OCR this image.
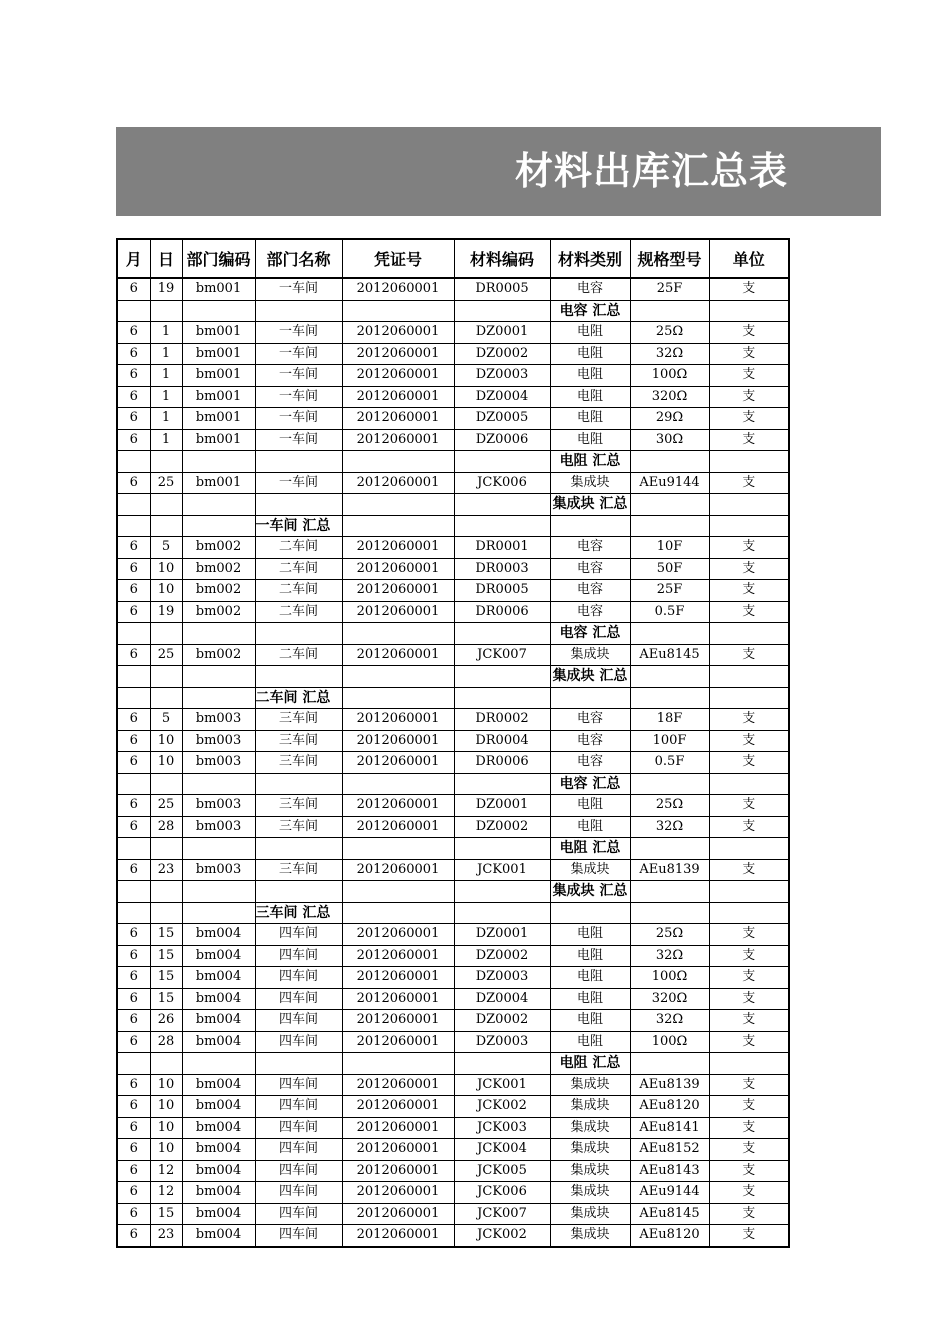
材料出库汇总表
月	日	部门编码	部门名称	凭证号	材料编码	材料类别	规格型号	单位
6	19	bm001	一车间	2012060001	DR0005	电容	25F	支
						电容 汇总		
6	1	bm001	一车间	2012060001	DZ0001	电阻	25Ω	支
6	1	bm001	一车间	2012060001	DZ0002	电阻	32Ω	支
6	1	bm001	一车间	2012060001	DZ0003	电阻	100Ω	支
6	1	bm001	一车间	2012060001	DZ0004	电阻	320Ω	支
6	1	bm001	一车间	2012060001	DZ0005	电阻	29Ω	支
6	1	bm001	一车间	2012060001	DZ0006	电阻	30Ω	支
						电阻 汇总		
6	25	bm001	一车间	2012060001	JCK006	集成块	AEu9144	支
						集成块 汇总		
			一车间 汇总					
6	5	bm002	二车间	2012060001	DR0001	电容	10F	支
6	10	bm002	二车间	2012060001	DR0003	电容	50F	支
6	10	bm002	二车间	2012060001	DR0005	电容	25F	支
6	19	bm002	二车间	2012060001	DR0006	电容	0.5F	支
						电容 汇总		
6	25	bm002	二车间	2012060001	JCK007	集成块	AEu8145	支
						集成块 汇总		
			二车间 汇总					
6	5	bm003	三车间	2012060001	DR0002	电容	18F	支
6	10	bm003	三车间	2012060001	DR0004	电容	100F	支
6	10	bm003	三车间	2012060001	DR0006	电容	0.5F	支
						电容 汇总		
6	25	bm003	三车间	2012060001	DZ0001	电阻	25Ω	支
6	28	bm003	三车间	2012060001	DZ0002	电阻	32Ω	支
						电阻 汇总		
6	23	bm003	三车间	2012060001	JCK001	集成块	AEu8139	支
						集成块 汇总		
			三车间 汇总					
6	15	bm004	四车间	2012060001	DZ0001	电阻	25Ω	支
6	15	bm004	四车间	2012060001	DZ0002	电阻	32Ω	支
6	15	bm004	四车间	2012060001	DZ0003	电阻	100Ω	支
6	15	bm004	四车间	2012060001	DZ0004	电阻	320Ω	支
6	26	bm004	四车间	2012060001	DZ0002	电阻	32Ω	支
6	28	bm004	四车间	2012060001	DZ0003	电阻	100Ω	支
						电阻 汇总		
6	10	bm004	四车间	2012060001	JCK001	集成块	AEu8139	支
6	10	bm004	四车间	2012060001	JCK002	集成块	AEu8120	支
6	10	bm004	四车间	2012060001	JCK003	集成块	AEu8141	支
6	10	bm004	四车间	2012060001	JCK004	集成块	AEu8152	支
6	12	bm004	四车间	2012060001	JCK005	集成块	AEu8143	支
6	12	bm004	四车间	2012060001	JCK006	集成块	AEu9144	支
6	15	bm004	四车间	2012060001	JCK007	集成块	AEu8145	支
6	23	bm004	四车间	2012060001	JCK002	集成块	AEu8120	支
